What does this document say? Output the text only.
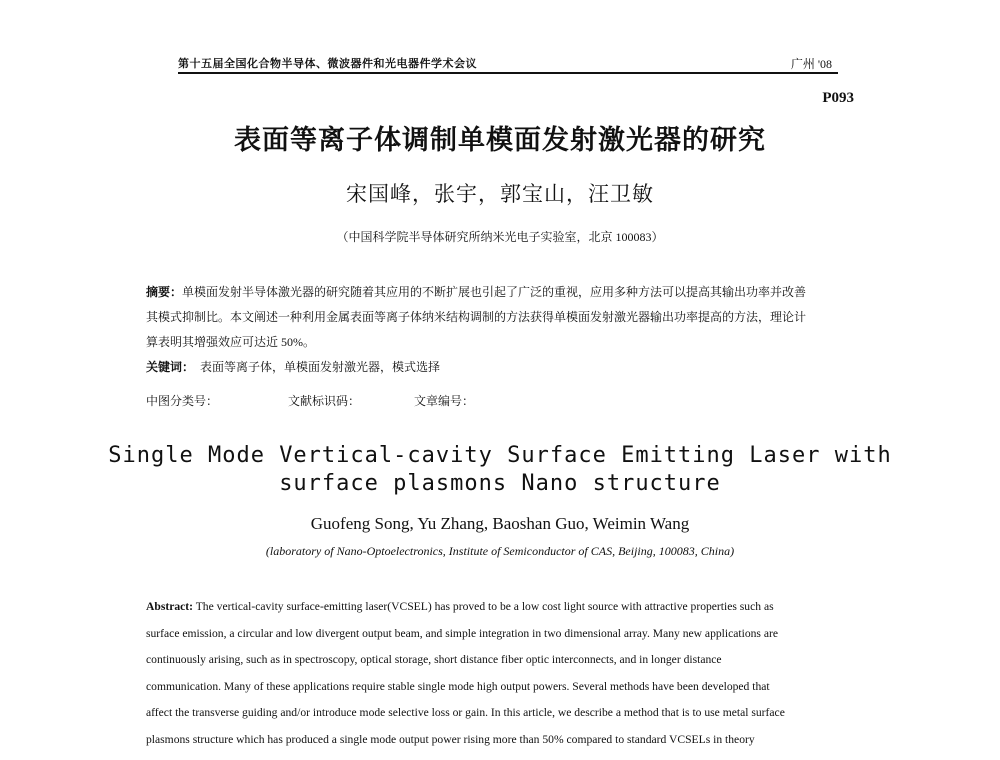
第十五届全国化合物半导体、微波器件和光电器件学术会议	广州 '08
P093
表面等离子体调制单模面发射激光器的研究
宋国峰，张宇，郭宝山，汪卫敏
（中国科学院半导体研究所纳米光电子实验室，北京 100083）
摘要：单模面发射半导体激光器的研究随着其应用的不断扩展也引起了广泛的重视，应用多种方法可以提高其输出功率并改善
其模式抑制比。本文阐述一种利用金属表面等离子体纳米结构调制的方法获得单模面发射激光器输出功率提高的方法，理论计
算表明其增强效应可达近 50%。
关键词： 表面等离子体，单模面发射激光器，模式选择
中图分类号：	文献标识码：	文章编号：
Single Mode Vertical-cavity Surface Emitting Laser with
surface plasmons Nano structure
Guofeng Song, Yu Zhang, Baoshan Guo, Weimin Wang
(laboratory of Nano-Optoelectronics, Institute of Semiconductor of CAS, Beijing, 100083, China)
Abstract: The vertical-cavity surface-emitting laser(VCSEL) has proved to be a low cost light source with attractive properties such as
surface emission, a circular and low divergent output beam, and simple integration in two dimensional array. Many new applications are
continuously arising, such as in spectroscopy, optical storage, short distance fiber optic interconnects, and in longer distance
communication. Many of these applications require stable single mode high output powers. Several methods have been developed that
affect the transverse guiding and/or introduce mode selective loss or gain. In this article, we describe a method that is to use metal surface
plasmons structure which has produced a single mode output power rising more than 50% compared to standard VCSELs in theory
